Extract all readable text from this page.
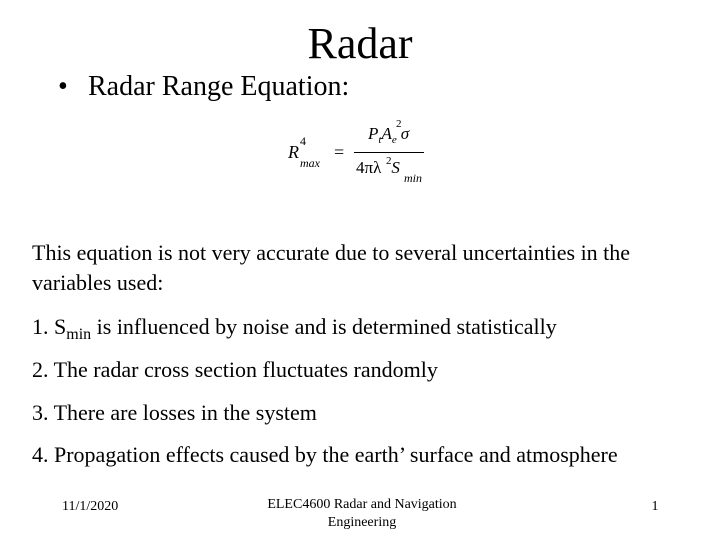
Radar
• Radar Range Equation:
R
4
max
=
$P_tA_e$ σ
2
4πλ S
2
min
This equation is not very accurate due to several uncertainties in the variables used:
1. $S_{min}$ is influenced by noise and is determined statistically
2. The radar cross section fluctuates randomly
3. There are losses in the system
4. Propagation effects caused by the earth’ surface and atmosphere
11/1/2020	ELEC4600 Radar and Navigation Engineering
1
